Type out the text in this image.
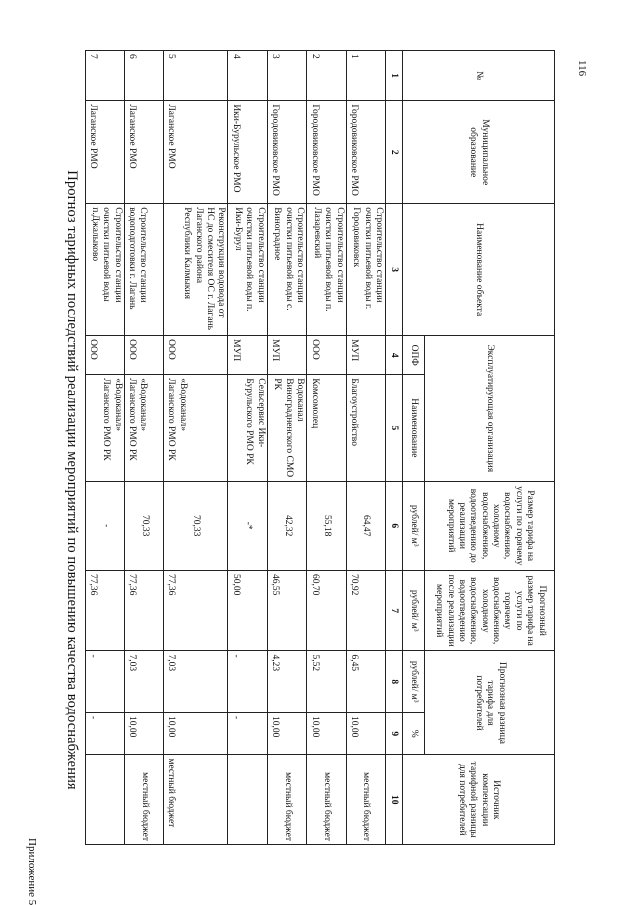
Приложение 5
Прогноз тарифных последствий реализации мероприятий по повышению качества водоснабжения
116
№	Муниципальное образование	Наименование объекта	Эксплуатирующая организация		Размер тарифа на услуги по горячему водоснабжению, холодному водоснабжению, водоотведению до реализации мероприятий	Прогнозный размер тарифа на услуги по горячему водоснабжению, холодному водоснабжению, водоотведению после реализации мероприятий	Прогнозная разница тарифа для потребителей		Источник компенсации тарифной разницы для потребителей
			ОПФ	Наименование	рублей/ м³	рублей/ м³	рублей/ м³	%	
1	2	3	4	5	6	7	8	9	10
1	Городовиковское РМО	Строительство станции очистки питьевой воды г. Городовиковск	МУП	Благоустройство	64,47	70,92	6,45	10,00	местный бюджет
2	Городовиковское РМО	Строительство станции очистки питьевой воды п. Лазаревский	ООО	Комсомолец	55,18	60,70	5,52	10,00	местный бюджет
3	Городовиковское РМО	Строительство станции очистки питьевой воды с. Виноградное	МУП	Водоканал Виноградненского СМО РК	42,32	46,55	4,23	10,00	местный бюджет
4	Ики-Бурульское РМО	Строительство станции очистки питьевой воды п. Ики-Бурул	МУП	Сельсервис Ики-Бурульского РМО РК	-*	50,00	-	-	
5	Лаганское РМО	Реконструкция водовода от НС до смесителя ОС г. Лагань Лаганского района Республики Калмыкия	ООО	«Водоканал» Лаганского РМО РК	70,33	77,36	7,03	10,00	местный бюджет
6	Лаганское РМО	Строительство станции водоподготовки г. Лагань	ООО	«Водоканал» Лаганского РМО РК	70,33	77,36	7,03	10,00	местный бюджет
7	Лаганское РМО	Строительство станции очистки питьевой воды п.Джалыково	ООО	«Водоканал» Лаганского РМО РК	-	77,36	-	-	
